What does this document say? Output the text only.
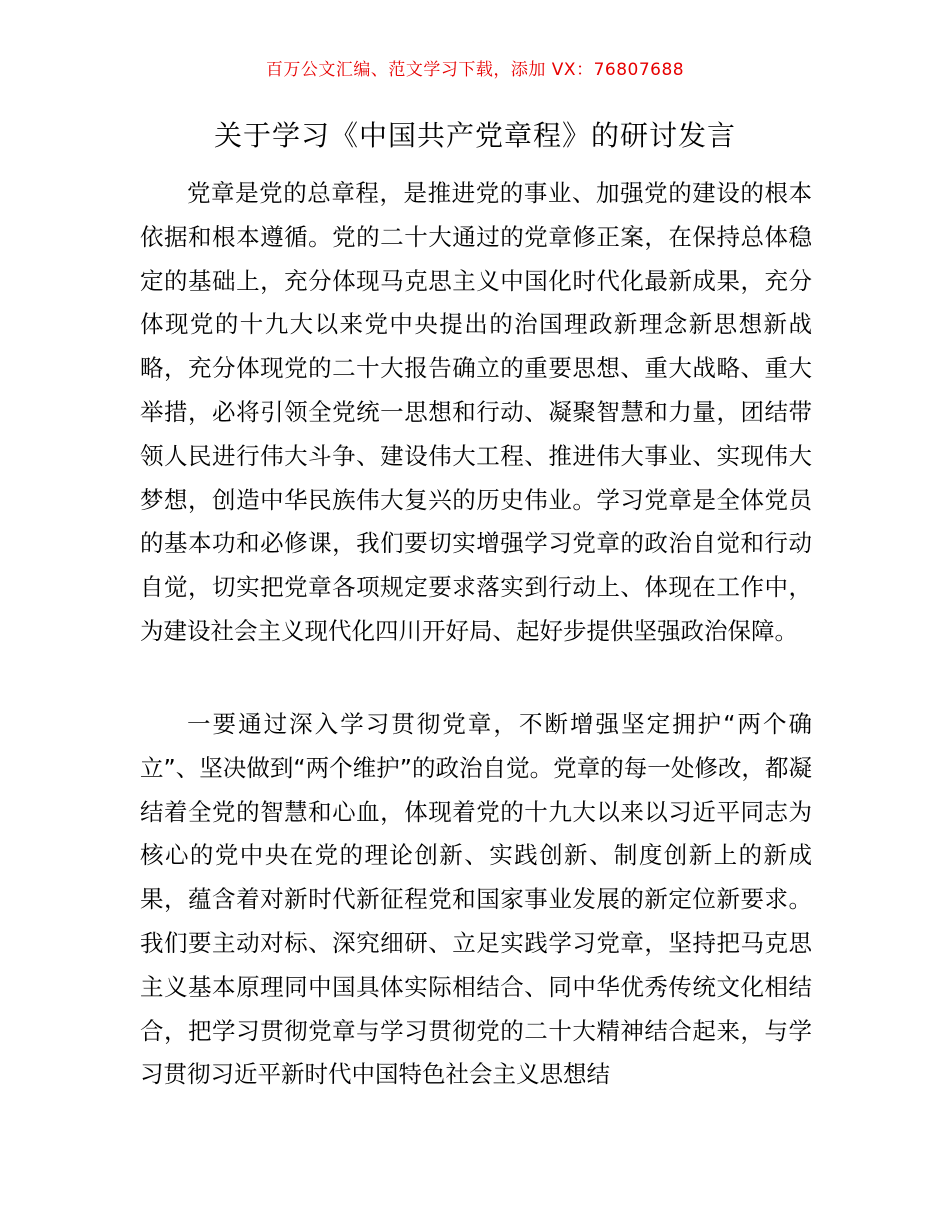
百万公文汇编、范文学习下载，添加 VX：76807688
关于学习《中国共产党章程》的研讨发言

党章是党的总章程，是推进党的事业、加强党的建设的根本依据和根本遵循。党的二十大通过的党章修正案，在保持总体稳定的基础上，充分体现马克思主义中国化时代化最新成果，充分体现党的十九大以来党中央提出的治国理政新理念新思想新战略，充分体现党的二十大报告确立的重要思想、重大战略、重大举措，必将引领全党统一思想和行动、凝聚智慧和力量，团结带领人民进行伟大斗争、建设伟大工程、推进伟大事业、实现伟大梦想，创造中华民族伟大复兴的历史伟业。学习党章是全体党员的基本功和必修课，我们要切实增强学习党章的政治自觉和行动自觉，切实把党章各项规定要求落实到行动上、体现在工作中，为建设社会主义现代化四川开好局、起好步提供坚强政治保障。

一要通过深入学习贯彻党章，不断增强坚定拥护“两个确立”、坚决做到“两个维护”的政治自觉。党章的每一处修改，都凝结着全党的智慧和心血，体现着党的十九大以来以习近平同志为核心的党中央在党的理论创新、实践创新、制度创新上的新成果，蕴含着对新时代新征程党和国家事业发展的新定位新要求。我们要主动对标、深究细研、立足实践学习党章，坚持把马克思主义基本原理同中国具体实际相结合、同中华优秀传统文化相结合，把学习贯彻党章与学习贯彻党的二十大精神结合起来，与学习贯彻习近平新时代中国特色社会主义思想结
